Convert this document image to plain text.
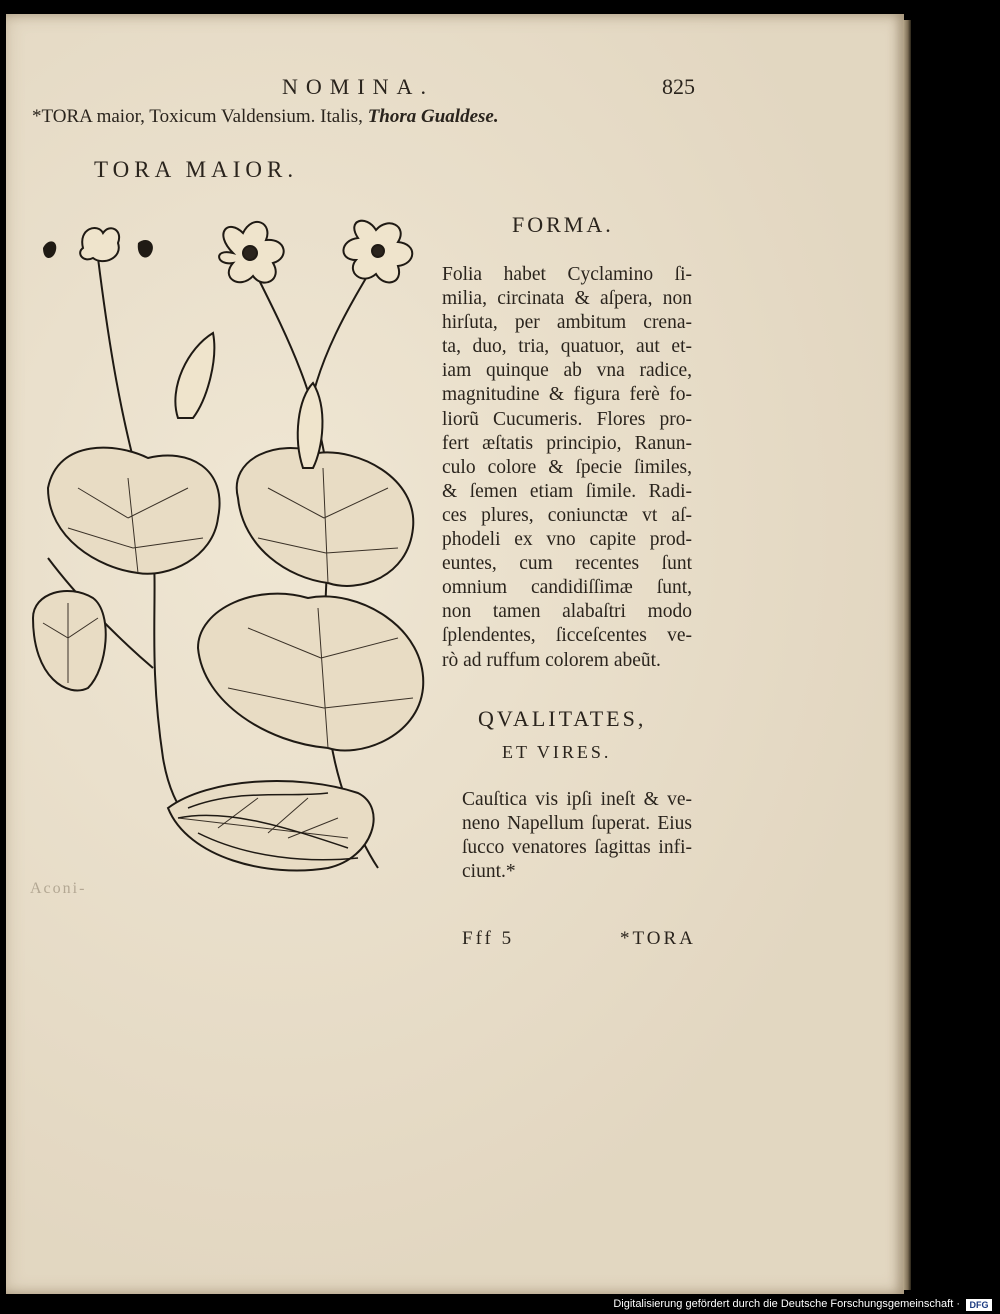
NOMINA.	825
*TORA maior, Toxicum Valdensium. Italis, Thora Gualdese.
TORA MAIOR.
Aconi-
FORMA.
Folia habet Cyclamino ſi-
milia, circinata & aſpera, non
hirſuta, per ambitum crena-
ta, duo, tria, quatuor, aut et-
iam quinque ab vna radice,
magnitudine & figura ferè fo-
liorũ Cucumeris. Flores pro-
fert æſtatis principio, Ranun-
culo colore & ſpecie ſimiles,
& ſemen etiam ſimile. Radi-
ces plures, coniunctæ vt aſ-
phodeli ex vno capite prod-
euntes, cum recentes ſunt
omnium candidiſſimæ ſunt,
non tamen alabaſtri modo
ſplendentes, ſicceſcentes ve-
rò ad ruffum colorem abeũt.
QVALITATES,
ET VIRES.
Cauſtica vis ipſi ineſt & ve-
neno Napellum ſuperat. Eius
ſucco venatores ſagittas infi-
ciunt.*
Fff 5	*TORA
Digitalisierung gefördert durch die Deutsche Forschungsgemeinschaft ·	DFG
